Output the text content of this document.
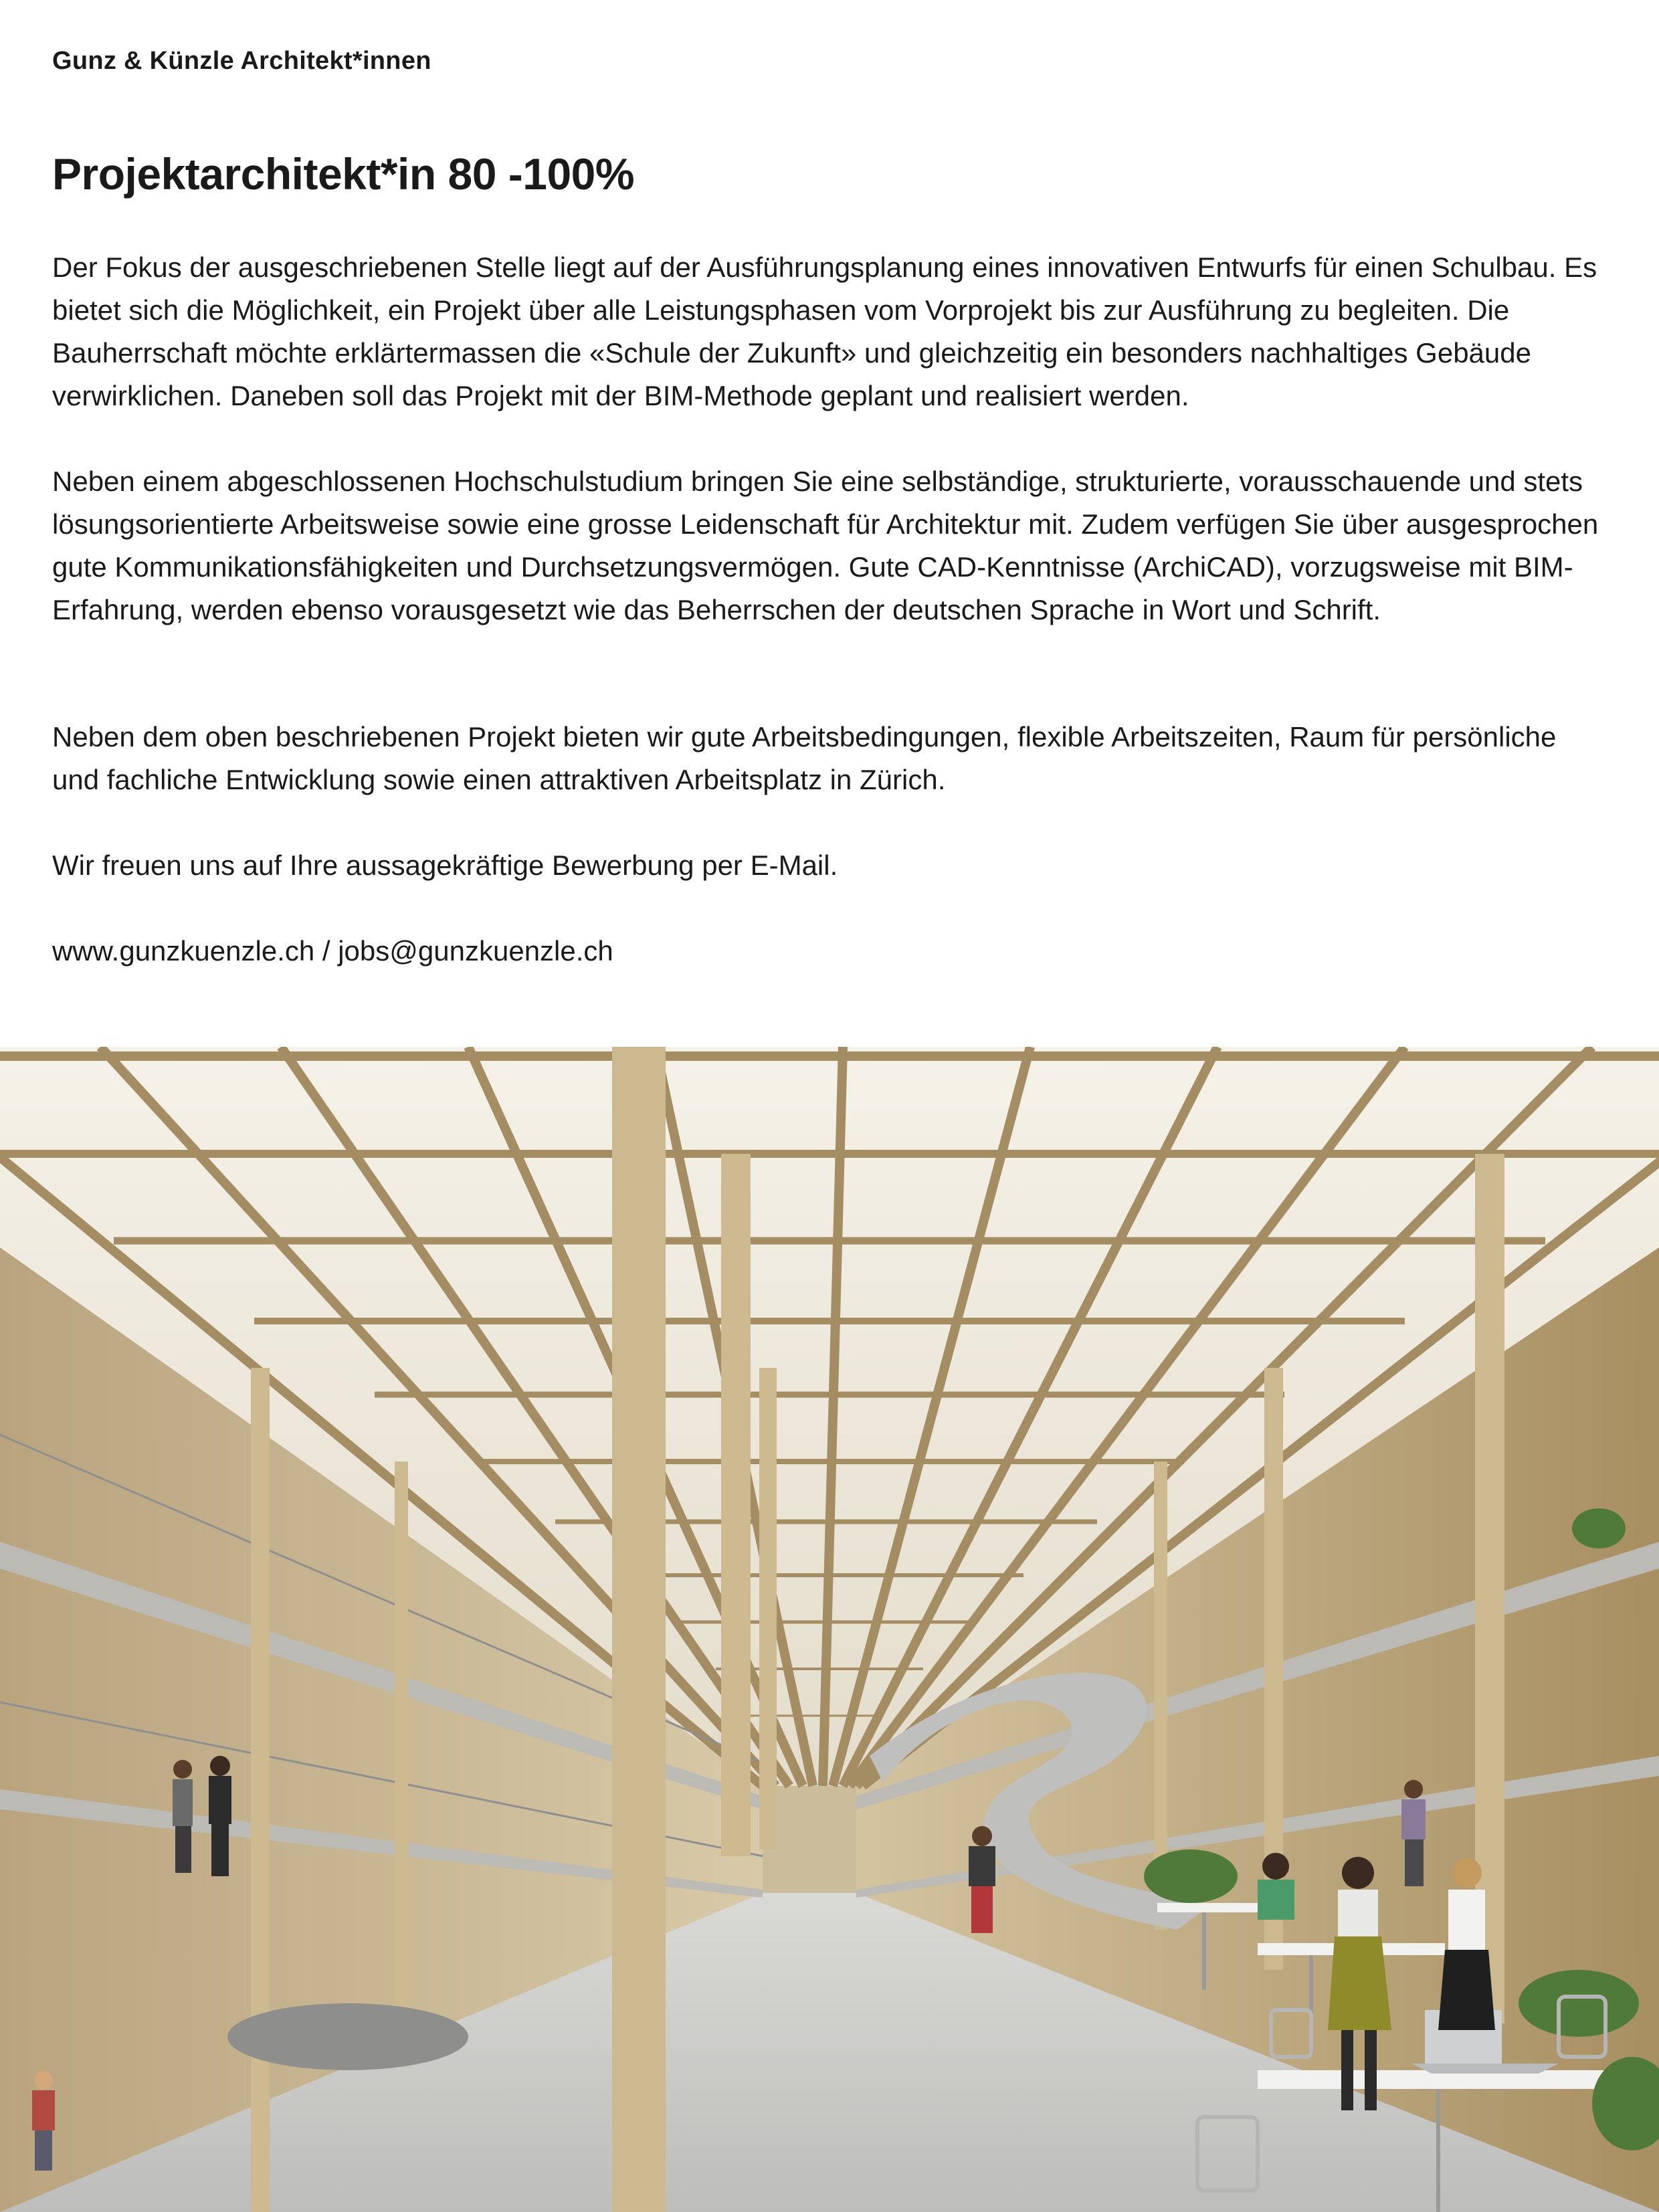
Gunz & Künzle Architekt*innen
Projektarchitekt*in 80 -100%

Der Fokus der ausgeschriebenen Stelle liegt auf der Ausführungsplanung eines innovativen Entwurfs für einen Schulbau. Es bietet sich die Möglichkeit, ein Projekt über alle Leistungsphasen vom Vorprojekt bis zur Ausführung zu begleiten. Die Bauherrschaft möchte erklärtermassen die «Schule der Zukunft» und gleichzeitig ein besonders nachhaltiges Gebäude verwirklichen. Daneben soll das Projekt mit der BIM-Methode geplant und realisiert werden.

Neben einem abgeschlossenen Hochschulstudium bringen Sie eine selbständige, strukturierte, vorausschauende und stets lösungsorientierte Arbeitsweise sowie eine grosse Leidenschaft für Architektur mit. Zudem verfügen Sie über ausgesprochen gute Kommunikationsfähigkeiten und Durchsetzungsvermögen. Gute CAD-Kenntnisse (ArchiCAD), vorzugsweise mit BIM-Erfahrung, werden ebenso vorausgesetzt wie das Beherrschen der deutschen Sprache in Wort und Schrift.

Neben dem oben beschriebenen Projekt bieten wir gute Arbeitsbedingungen, flexible Arbeitszeiten, Raum für persönliche und fachliche Entwicklung sowie einen attraktiven Arbeitsplatz in Zürich.

Wir freuen uns auf Ihre aussagekräftige Bewerbung per E-Mail.

www.gunzkuenzle.ch / jobs@gunzkuenzle.ch
